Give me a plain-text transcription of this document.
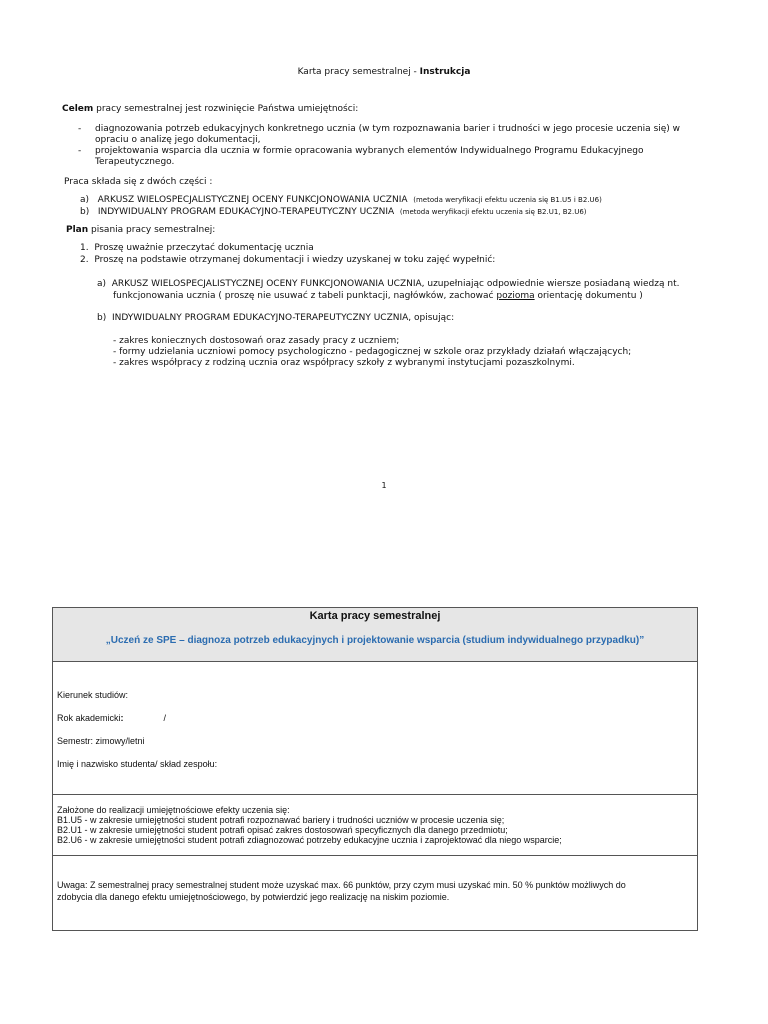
Karta pracy semestralnej - Instrukcja
Celem pracy semestralnej jest rozwinięcie Państwa umiejętności:
- diagnozowania potrzeb edukacyjnych konkretnego ucznia (w tym rozpoznawania barier i trudności w jego procesie uczenia się) w opraciu o analizę jego dokumentacji,
- projektowania wsparcia dla ucznia w formie opracowania wybranych elementów Indywidualnego Programu Edukacyjnego Terapeutycznego.
Praca składa się z dwóch części :
a) ARKUSZ WIELOSPECJALISTYCZNEJ OCENY FUNKCJONOWANIA UCZNIA (metoda weryfikacji efektu uczenia się B1.U5 i B2.U6)
b) INDYWIDUALNY PROGRAM EDUKACYJNO-TERAPEUTYCZNY UCZNIA (metoda weryfikacji efektu uczenia się B2.U1, B2.U6)
Plan pisania pracy semestralnej:
1. Proszę uważnie przeczytać dokumentację ucznia
2. Proszę na podstawie otrzymanej dokumentacji i wiedzy uzyskanej w toku zajęć wypełnić:
a) ARKUSZ WIELOSPECJALISTYCZNEJ OCENY FUNKCJONOWANIA UCZNIA, uzupełniając odpowiednie wiersze posiadaną wiedzą nt.
funkcjonowania ucznia ( proszę nie usuwać z tabeli punktacji, nagłówków, zachować pozioma orientację dokumentu )
b) INDYWIDUALNY PROGRAM EDUKACYJNO-TERAPEUTYCZNY UCZNIA, opisując:
- zakres koniecznych dostosowań oraz zasady pracy z uczniem;
- formy udzielania uczniowi pomocy psychologiczno - pedagogicznej w szkole oraz przykłady działań włączających;
- zakres współpracy z rodziną ucznia oraz współpracy szkoły z wybranymi instytucjami pozaszkolnymi.
1
Karta pracy semestralnej
„Uczeń ze SPE – diagnoza potrzeb edukacyjnych i projektowanie wsparcia (studium indywidualnego przypadku)”
Kierunek studiów:
Rok akademicki:	/
Semestr: zimowy/letni
Imię i nazwisko studenta/ skład zespołu:
Założone do realizacji umiejętnościowe efekty uczenia się:
B1.U5 - w zakresie umiejętności student potrafi rozpoznawać bariery i trudności uczniów w procesie uczenia się;
B2.U1 - w zakresie umiejętności student potrafi opisać zakres dostosowań specyficznych dla danego przedmiotu;
B2.U6 - w zakresie umiejętności student potrafi zdiagnozować potrzeby edukacyjne ucznia i zaprojektować dla niego wsparcie;
Uwaga: Z semestralnej pracy semestralnej student może uzyskać max. 66 punktów, przy czym musi uzyskać min. 50 % punktów możliwych do
zdobycia dla danego efektu umiejętnościowego, by potwierdzić jego realizację na niskim poziomie.
